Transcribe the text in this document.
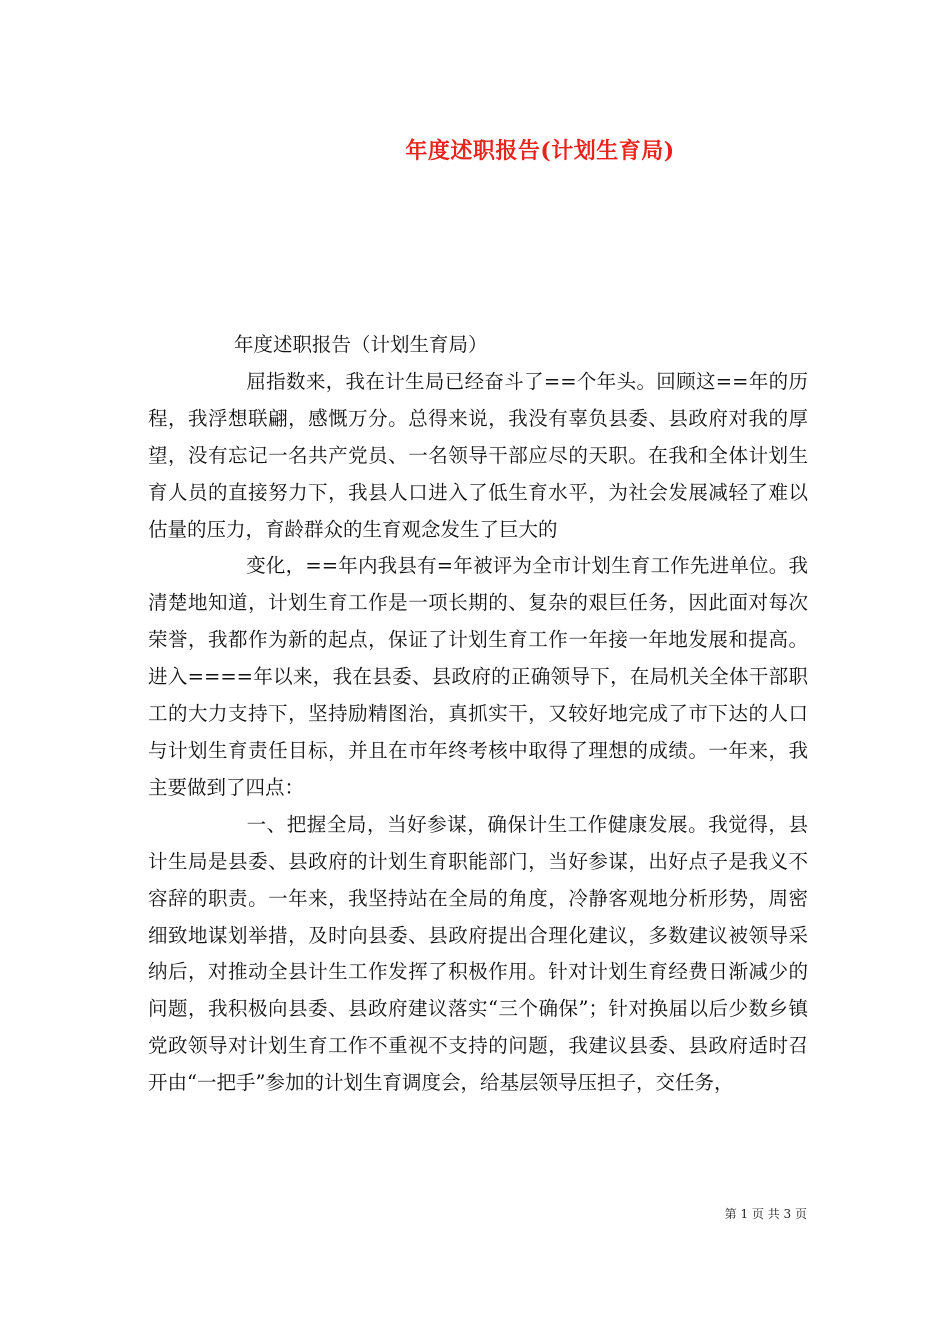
年度述职报告(计划生育局)
年度述职报告（计划生育局）

屈指数来，我在计生局已经奋斗了==个年头。回顾这==年的历程，我浮想联翩，感慨万分。总得来说，我没有辜负县委、县政府对我的厚望，没有忘记一名共产党员、一名领导干部应尽的天职。在我和全体计划生育人员的直接努力下，我县人口进入了低生育水平，为社会发展减轻了难以估量的压力，育龄群众的生育观念发生了巨大的

变化，==年内我县有=年被评为全市计划生育工作先进单位。我清楚地知道，计划生育工作是一项长期的、复杂的艰巨任务，因此面对每次荣誉，我都作为新的起点，保证了计划生育工作一年接一年地发展和提高。进入====年以来，我在县委、县政府的正确领导下，在局机关全体干部职工的大力支持下，坚持励精图治，真抓实干，又较好地完成了市下达的人口与计划生育责任目标，并且在市年终考核中取得了理想的成绩。一年来，我主要做到了四点：

一、把握全局，当好参谋，确保计生工作健康发展。我觉得，县计生局是县委、县政府的计划生育职能部门，当好参谋，出好点子是我义不容辞的职责。一年来，我坚持站在全局的角度，冷静客观地分析形势，周密细致地谋划举措，及时向县委、县政府提出合理化建议，多数建议被领导采纳后，对推动全县计生工作发挥了积极作用。针对计划生育经费日渐减少的问题，我积极向县委、县政府建议落实“三个确保”；针对换届以后少数乡镇党政领导对计划生育工作不重视不支持的问题，我建议县委、县政府适时召开由“一把手”参加的计划生育调度会，给基层领导压担子，交任务，

第 1 页 共 3 页
